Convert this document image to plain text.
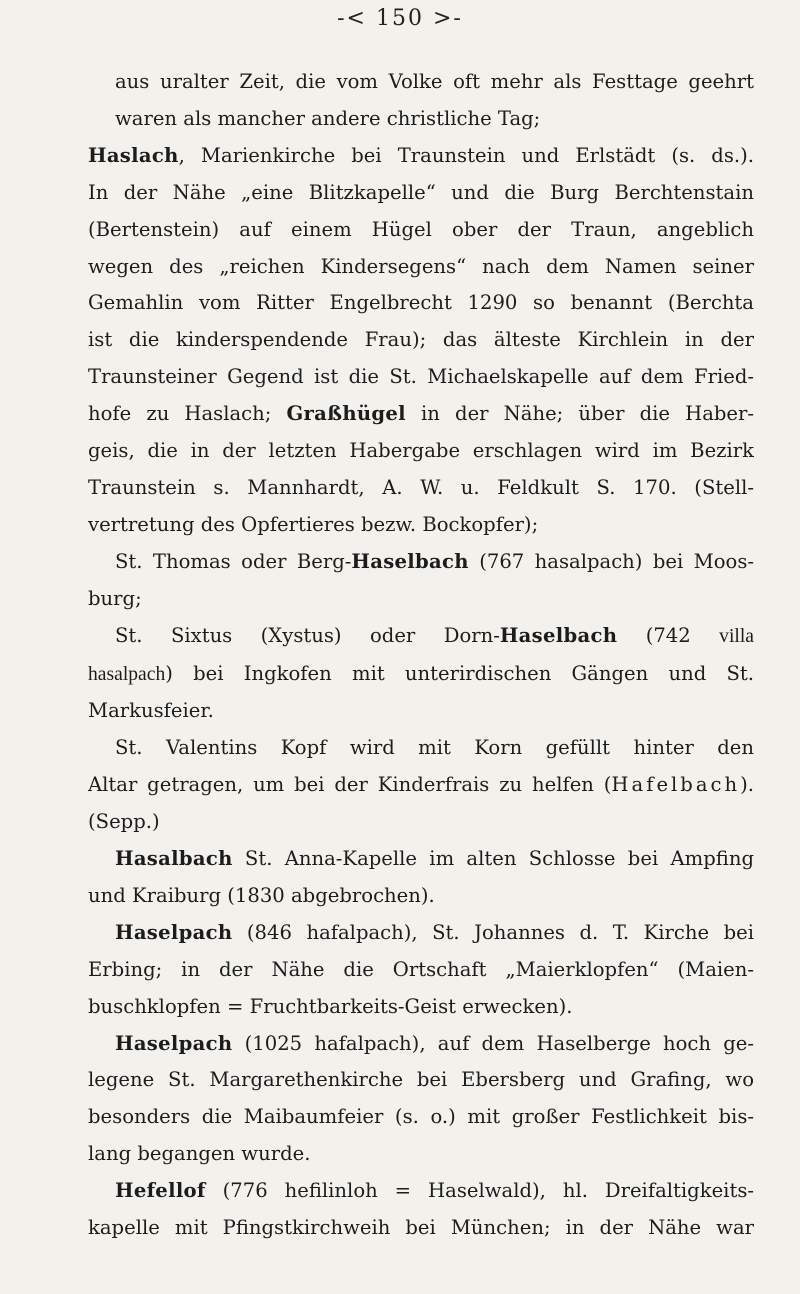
-< 150 >-
aus uralter Zeit, die vom Volke oft mehr als Festtage geehrt
waren als mancher andere christliche Tag;
Haslach, Marienkirche bei Traunstein und Erlstädt (s. ds.).
In der Nähe „eine Blitzkapelle“ und die Burg Berchtenstain
(Bertenstein) auf einem Hügel ober der Traun, angeblich
wegen des „reichen Kindersegens“ nach dem Namen seiner
Gemahlin vom Ritter Engelbrecht 1290 so benannt (Berchta
ist die kindersp​endende Frau); das älteste Kirchlein in der
Traunsteiner Gegend ist die St. Michaelskapelle auf dem Fried-
hofe zu Haslach; Graßhügel in der Nähe; über die Haber-
geis, die in der letzten Habergabe erschlagen wird im Bezirk
Traunstein s. Mannhardt, A. W. u. Feldkult S. 170. (Stell-
vertretung des Opfertieres bezw. Bockopfer);
St. Thomas oder Berg-Haselbach (767 hasalpach) bei Moos-
burg;
St. Sixtus (Xystus) oder Dorn-Haselbach (742 villa
hasalpach) bei Ingkofen mit unterirdischen Gängen und St.
Markusfeier.
St. Valentins Kopf wird mit Korn gefüllt hinter den
Altar getragen, um bei der Kinderfrais zu helfen (Hafelbach).
(Sepp.)
Hasalbach St. Anna-Kapelle im alten Schlosse bei Ampfing
und Kraiburg (1830 abgebrochen).
Haselpach (846 hafalpach), St. Johannes d. T. Kirche bei
Erbing; in der Nähe die Ortschaft „Maierklopfen“ (Maien-
buschklopfen = Fruchtbarkeits-Geist erwecken).
Haselpach (1025 hafalpach), auf dem Haselberge hoch ge-
legene St. Margarethenkirche bei Ebersberg und Grafing, wo
besonders die Maibaumfeier (s. o.) mit großer Festlichkeit bis-
lang begangen wurde.
Hefellof (776 hefilinloh = Haselwald), hl. Dreifaltigkeits-
kapelle mit Pfingstkirchweih bei München; in der Nähe war
